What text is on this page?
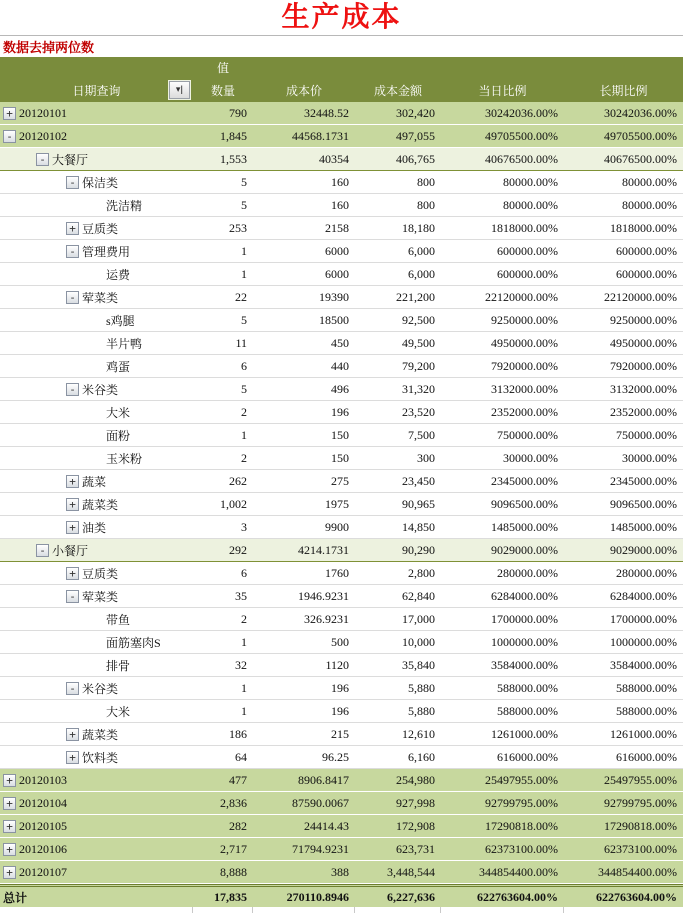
生产成本
数据去掉两位数
值
日期查询	▾ǀ	数量	成本价	成本金额	当日比例	长期比例
+ 20120101	790	32448.52	302,420	30242036.00%	30242036.00%
- 20120102	1,845	44568.1731	497,055	49705500.00%	49705500.00%
- 大餐厅	1,553	40354	406,765	40676500.00%	40676500.00%
- 保洁类	5	160	800	80000.00%	80000.00%
洗洁精	5	160	800	80000.00%	80000.00%
+ 豆质类	253	2158	18,180	1818000.00%	1818000.00%
- 管理费用	1	6000	6,000	600000.00%	600000.00%
运费	1	6000	6,000	600000.00%	600000.00%
- 荤菜类	22	19390	221,200	22120000.00%	22120000.00%
s鸡腿	5	18500	92,500	9250000.00%	9250000.00%
半片鸭	11	450	49,500	4950000.00%	4950000.00%
鸡蛋	6	440	79,200	7920000.00%	7920000.00%
- 米谷类	5	496	31,320	3132000.00%	3132000.00%
大米	2	196	23,520	2352000.00%	2352000.00%
面粉	1	150	7,500	750000.00%	750000.00%
玉米粉	2	150	300	30000.00%	30000.00%
+ 蔬菜	262	275	23,450	2345000.00%	2345000.00%
+ 蔬菜类	1,002	1975	90,965	9096500.00%	9096500.00%
+ 油类	3	9900	14,850	1485000.00%	1485000.00%
- 小餐厅	292	4214.1731	90,290	9029000.00%	9029000.00%
+ 豆质类	6	1760	2,800	280000.00%	280000.00%
- 荤菜类	35	1946.9231	62,840	6284000.00%	6284000.00%
带鱼	2	326.9231	17,000	1700000.00%	1700000.00%
面筋塞肉S	1	500	10,000	1000000.00%	1000000.00%
排骨	32	1120	35,840	3584000.00%	3584000.00%
- 米谷类	1	196	5,880	588000.00%	588000.00%
大米	1	196	5,880	588000.00%	588000.00%
+ 蔬菜类	186	215	12,610	1261000.00%	1261000.00%
+ 饮料类	64	96.25	6,160	616000.00%	616000.00%
+ 20120103	477	8906.8417	254,980	25497955.00%	25497955.00%
+ 20120104	2,836	87590.0067	927,998	92799795.00%	92799795.00%
+ 20120105	282	24414.43	172,908	17290818.00%	17290818.00%
+ 20120106	2,717	71794.9231	623,731	62373100.00%	62373100.00%
+ 20120107	8,888	388	3,448,544	344854400.00%	344854400.00%
总计	17,835	270110.8946	6,227,636	622763604.00%	622763604.00%
